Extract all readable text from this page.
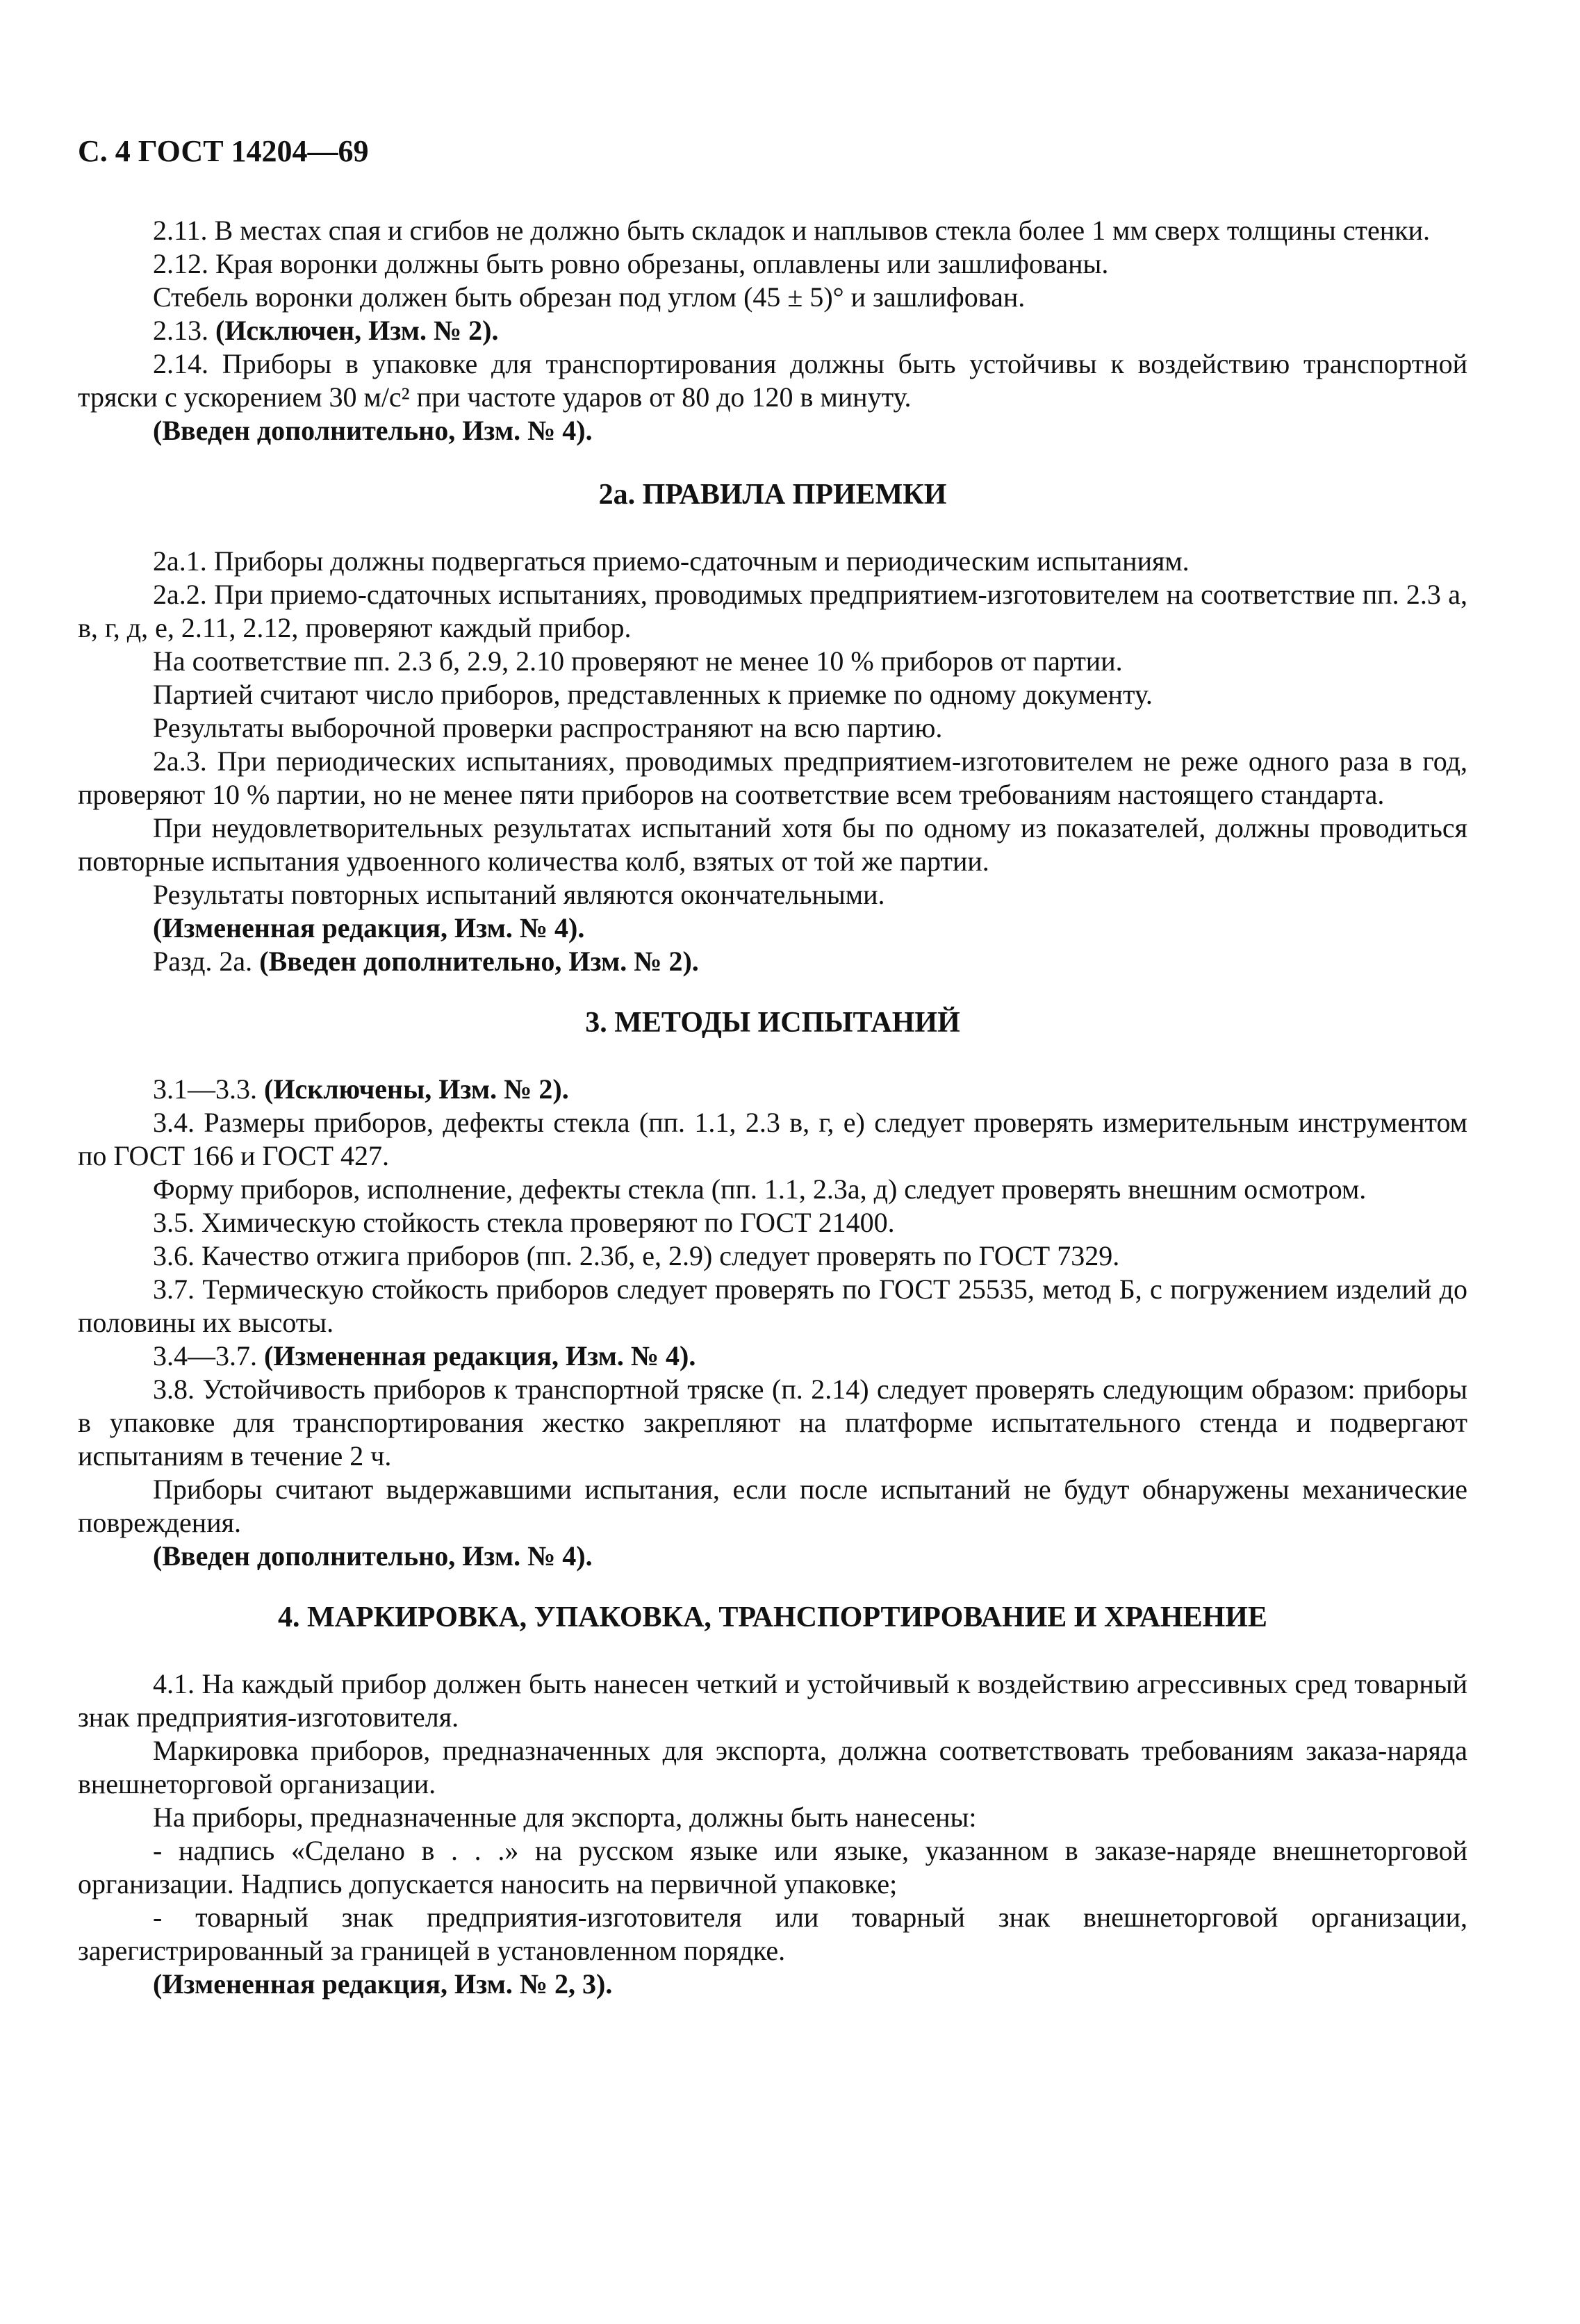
С. 4 ГОСТ 14204—69

2.11. В местах спая и сгибов не должно быть складок и наплывов стекла более 1 мм сверх толщины стенки.

2.12. Края воронки должны быть ровно обрезаны, оплавлены или зашлифованы.

Стебель воронки должен быть обрезан под углом (45 ± 5)° и зашлифован.

2.13. (Исключен, Изм. № 2).

2.14. Приборы в упаковке для транспортирования должны быть устойчивы к воздействию транспортной тряски с ускорением 30 м/с² при частоте ударов от 80 до 120 в минуту.

(Введен дополнительно, Изм. № 4).

2а. ПРАВИЛА ПРИЕМКИ

2а.1. Приборы должны подвергаться приемо-сдаточным и периодическим испытаниям.

2а.2. При приемо-сдаточных испытаниях, проводимых предприятием-изготовителем на соответствие пп. 2.3 а, в, г, д, е, 2.11, 2.12, проверяют каждый прибор.

На соответствие пп. 2.3 б, 2.9, 2.10 проверяют не менее 10 % приборов от партии.

Партией считают число приборов, представленных к приемке по одному документу.

Результаты выборочной проверки распространяют на всю партию.

2а.3. При периодических испытаниях, проводимых предприятием-изготовителем не реже одного раза в год, проверяют 10 % партии, но не менее пяти приборов на соответствие всем требованиям настоящего стандарта.

При неудовлетворительных результатах испытаний хотя бы по одному из показателей, должны проводиться повторные испытания удвоенного количества колб, взятых от той же партии.

Результаты повторных испытаний являются окончательными.

(Измененная редакция, Изм. № 4).

Разд. 2а. (Введен дополнительно, Изм. № 2).

3. МЕТОДЫ ИСПЫТАНИЙ

3.1—3.3. (Исключены, Изм. № 2).

3.4. Размеры приборов, дефекты стекла (пп. 1.1, 2.3 в, г, е) следует проверять измерительным инструментом по ГОСТ 166 и ГОСТ 427.

Форму приборов, исполнение, дефекты стекла (пп. 1.1, 2.3а, д) следует проверять внешним осмотром.

3.5. Химическую стойкость стекла проверяют по ГОСТ 21400.

3.6. Качество отжига приборов (пп. 2.3б, е, 2.9) следует проверять по ГОСТ 7329.

3.7. Термическую стойкость приборов следует проверять по ГОСТ 25535, метод Б, с погружением изделий до половины их высоты.

3.4—3.7. (Измененная редакция, Изм. № 4).

3.8. Устойчивость приборов к транспортной тряске (п. 2.14) следует проверять следующим образом: приборы в упаковке для транспортирования жестко закрепляют на платформе испытательного стенда и подвергают испытаниям в течение 2 ч.

Приборы считают выдержавшими испытания, если после испытаний не будут обнаружены механические повреждения.

(Введен дополнительно, Изм. № 4).

4. МАРКИРОВКА, УПАКОВКА, ТРАНСПОРТИРОВАНИЕ И ХРАНЕНИЕ

4.1. На каждый прибор должен быть нанесен четкий и устойчивый к воздействию агрессивных сред товарный знак предприятия-изготовителя.

Маркировка приборов, предназначенных для экспорта, должна соответствовать требованиям заказа-наряда внешнеторговой организации.

На приборы, предназначенные для экспорта, должны быть нанесены:

- надпись «Сделано в . . .» на русском языке или языке, указанном в заказе-наряде внешнеторговой организации. Надпись допускается наносить на первичной упаковке;

- товарный знак предприятия-изготовителя или товарный знак внешнеторговой организации, зарегистрированный за границей в установленном порядке.

(Измененная редакция, Изм. № 2, 3).
